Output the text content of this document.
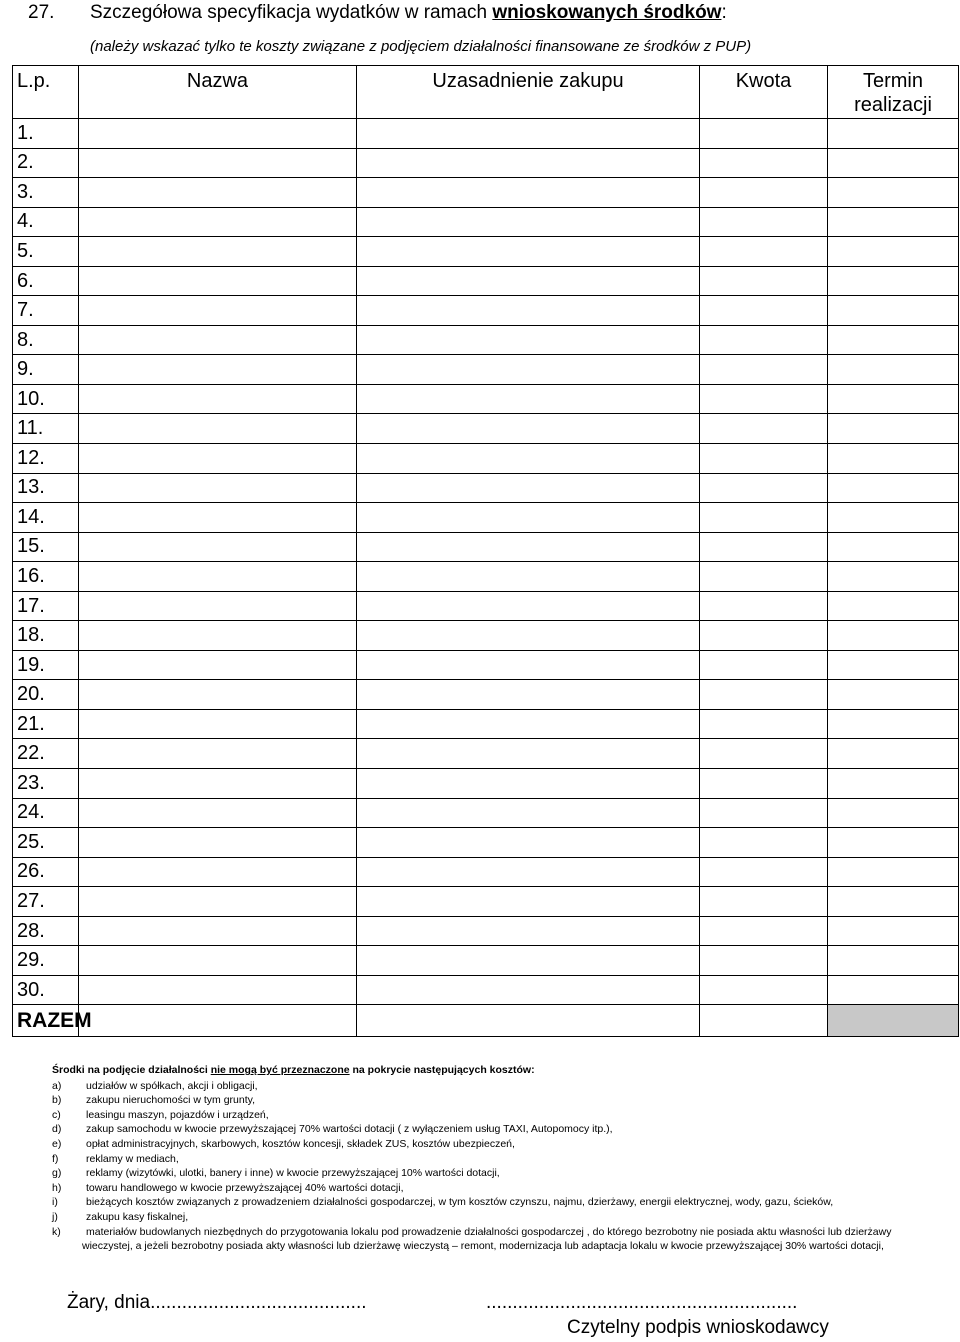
27. Szczegółowa specyfikacja wydatków w ramach wnioskowanych środków:
(należy wskazać tylko te koszty związane z podjęciem działalności finansowane ze środków z PUP)
L.p.	Nazwa	Uzasadnienie zakupu	Kwota	Termin realizacji
1.				
2.				
3.				
4.				
5.				
6.				
7.				
8.				
9.				
10.				
11.				
12.				
13.				
14.				
15.				
16.				
17.				
18.				
19.				
20.				
21.				
22.				
23.				
24.				
25.				
26.				
27.				
28.				
29.				
30.				
RAZEM				
Środki na podjęcie działalności nie mogą być przeznaczone na pokrycie następujących kosztów:
a)	udziałów w spółkach, akcji i obligacji,
b)	zakupu nieruchomości w tym grunty,
c)	leasingu maszyn, pojazdów i urządzeń,
d)	zakup samochodu w kwocie przewyższającej 70% wartości dotacji ( z wyłączeniem usług TAXI, Autopomocy itp.),
e)	opłat administracyjnych, skarbowych, kosztów koncesji, składek ZUS, kosztów ubezpieczeń,
f)	reklamy w mediach,
g)	reklamy (wizytówki, ulotki, banery i inne) w kwocie przewyższającej 10% wartości dotacji,
h)	towaru handlowego w kwocie przewyższającej 40% wartości dotacji,
i)	bieżących kosztów związanych z prowadzeniem działalności gospodarczej, w tym kosztów czynszu, najmu, dzierżawy, energii elektrycznej, wody, gazu, ścieków,
j)	zakupu kasy fiskalnej,
k)	materiałów budowlanych niezbędnych do przygotowania lokalu pod prowadzenie działalności gospodarczej , do którego bezrobotny nie posiada aktu własności lub dzierżawy
wieczystej, a jeżeli bezrobotny posiada akty własności lub dzierżawę wieczystą – remont, modernizacja lub adaptacja lokalu w kwocie przewyższającej 30% wartości dotacji,
Żary, dnia.........................................	...........................................................
Czytelny podpis wnioskodawcy
